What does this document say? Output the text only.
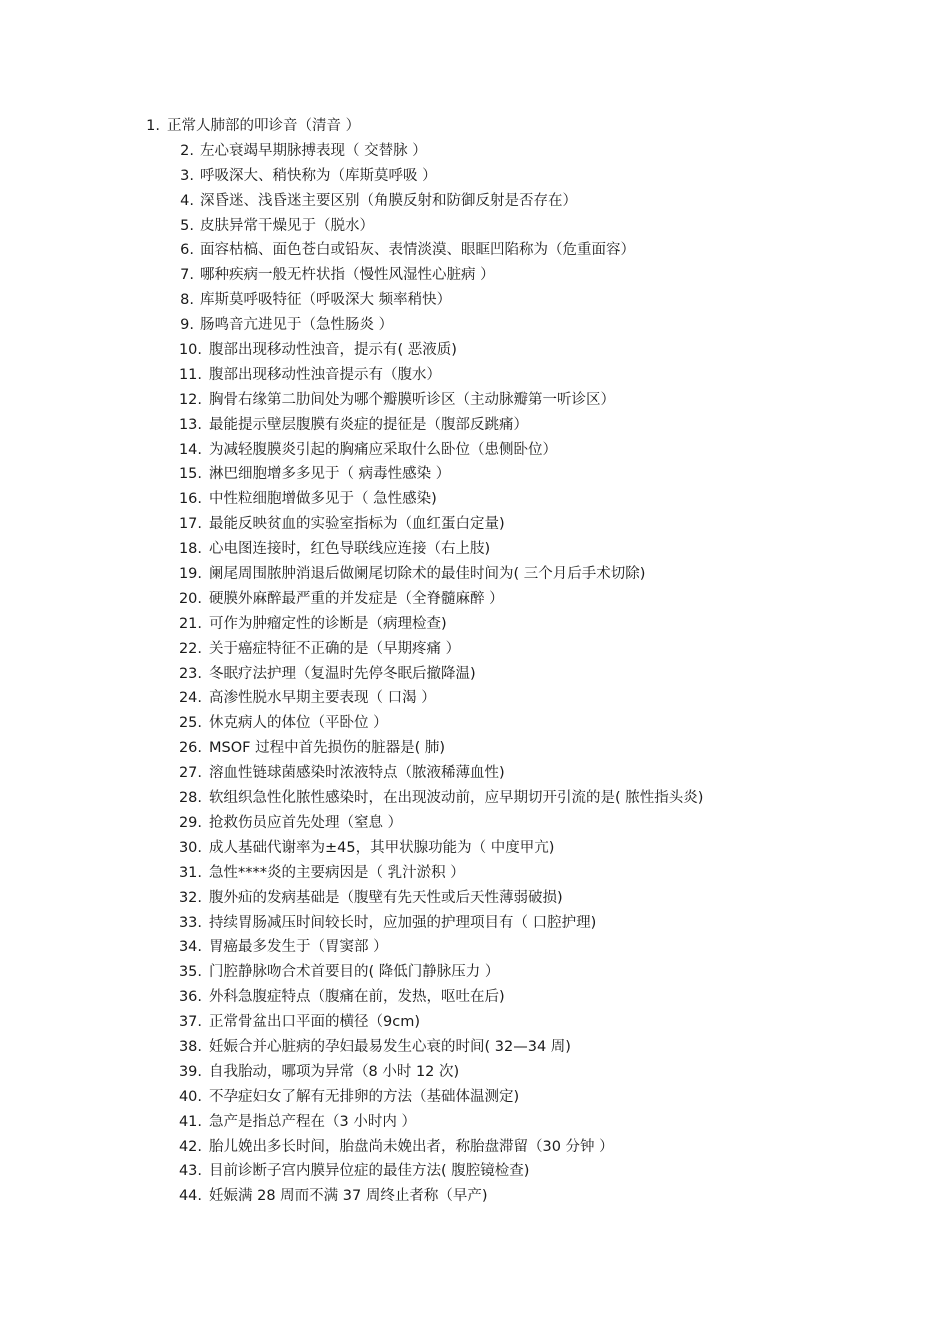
1. 正常人肺部的叩诊音（清音 ）
2. 左心衰竭早期脉搏表现（ 交替脉 ）
3. 呼吸深大、稍快称为（库斯莫呼吸 ）
4. 深昏迷、浅昏迷主要区别（角膜反射和防御反射是否存在）
5. 皮肤异常干燥见于（脱水）
6. 面容枯槁、面色苍白或铅灰、表情淡漠、眼眶凹陷称为（危重面容）
7. 哪种疾病一般无杵状指（慢性风湿性心脏病 ）
8. 库斯莫呼吸特征（呼吸深大 频率稍快）
9. 肠鸣音亢进见于（急性肠炎 ）
10. 腹部出现移动性浊音，提示有( 恶液质)
11. 腹部出现移动性浊音提示有（腹水）
12. 胸骨右缘第二肋间处为哪个瓣膜听诊区（主动脉瓣第一听诊区）
13. 最能提示壁层腹膜有炎症的提征是（腹部反跳痛）
14. 为减轻腹膜炎引起的胸痛应采取什么卧位（患侧卧位）
15. 淋巴细胞增多多见于（ 病毒性感染 ）
16. 中性粒细胞增做多见于（ 急性感染)
17. 最能反映贫血的实验室指标为（血红蛋白定量)
18. 心电图连接时，红色导联线应连接（右上肢)
19. 阑尾周围脓肿消退后做阑尾切除术的最佳时间为( 三个月后手术切除)
20. 硬膜外麻醉最严重的并发症是（全脊髓麻醉 ）
21. 可作为肿瘤定性的诊断是（病理检查)
22. 关于癌症特征不正确的是（早期疼痛 ）
23. 冬眠疗法护理（复温时先停冬眠后撤降温)
24. 高渗性脱水早期主要表现（ 口渴 ）
25. 休克病人的体位（平卧位 ）
26. MSOF 过程中首先损伤的脏器是( 肺)
27. 溶血性链球菌感染时浓液特点（脓液稀薄血性)
28. 软组织急性化脓性感染时，在出现波动前，应早期切开引流的是( 脓性指头炎)
29. 抢救伤员应首先处理（窒息 ）
30. 成人基础代谢率为±45，其甲状腺功能为（ 中度甲亢)
31. 急性****炎的主要病因是（ 乳汁淤积 ）
32. 腹外疝的发病基础是（腹壁有先天性或后天性薄弱破损)
33. 持续胃肠减压时间较长时，应加强的护理项目有（ 口腔护理)
34. 胃癌最多发生于（胃窦部 ）
35. 门腔静脉吻合术首要目的( 降低门静脉压力 ）
36. 外科急腹症特点（腹痛在前，发热，呕吐在后)
37. 正常骨盆出口平面的横径（9cm)
38. 妊娠合并心脏病的孕妇最易发生心衰的时间( 32—34 周)
39. 自我胎动，哪项为异常（8 小时 12 次)
40. 不孕症妇女了解有无排卵的方法（基础体温测定)
41. 急产是指总产程在（3 小时内 ）
42. 胎儿娩出多长时间，胎盘尚未娩出者，称胎盘滞留（30 分钟 ）
43. 目前诊断子宫内膜异位症的最佳方法( 腹腔镜检查)
44. 妊娠满 28 周而不满 37 周终止者称（早产)
